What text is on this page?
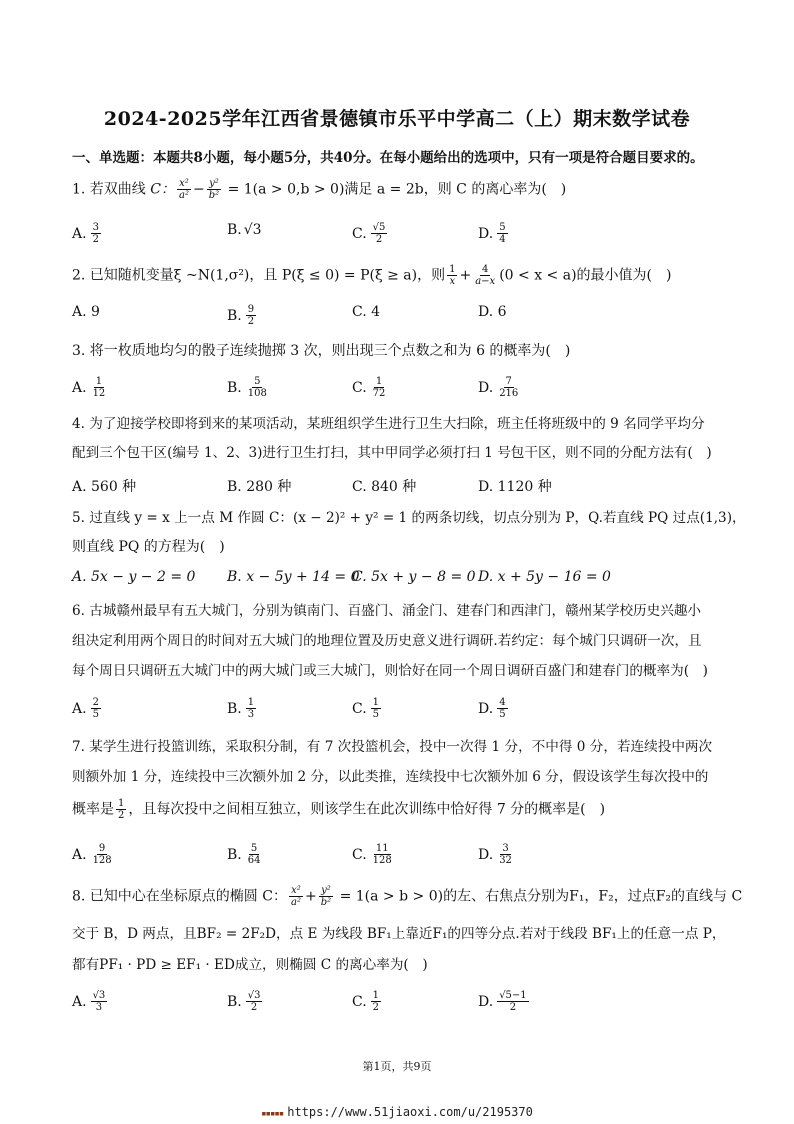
2024-2025学年江西省景德镇市乐平中学高二（上）期末数学试卷
一、单选题：本题共8小题，每小题5分，共40分。在每小题给出的选项中，只有一项是符合题目要求的。
1. 若双曲线 C： $\frac{\text{x²}}{\text{a²}} - \frac{\text{y²}}{\text{b²}} = 1(a > 0,b > 0)$满足 a = 2b，则 C 的离心率为(　)
A. $\frac{3}{2}$	B. √3	C. $\frac{√5}{2}$	D. $\frac{5}{4}$
2. 已知随机变量ξ ~N(1,σ²)，且 P(ξ ≤ 0) = P(ξ ≥ a)，则 $\frac{1}{x} + \frac{4}{a-x} (0 < x < a)$的最小值为(　)
A. 9	B. $\frac{9}{2}$	C. 4	D. 6
3. 将一枚质地均匀的骰子连续抛掷 3 次，则出现三个点数之和为 6 的概率为(　)
A. $\frac{1}{12}$	B. $\frac{5}{108}$	C. $\frac{1}{72}$	D. $\frac{7}{216}$
4. 为了迎接学校即将到来的某项活动，某班组织学生进行卫生大扫除，班主任将班级中的 9 名同学平均分
配到三个包干区(编号 1、2、3)进行卫生打扫，其中甲同学必须打扫 1 号包干区，则不同的分配方法有(　)
A. 560 种	B. 280 种	C. 840 种	D. 1120 种
5. 过直线 y = x 上一点 M 作圆 C：(x − 2)² + y² = 1 的两条切线，切点分别为 P，Q.若直线 PQ 过点(1,3)，
则直线 PQ 的方程为(　)
A. 5x − y − 2 = 0 B. x − 5y + 14 = 0
C. 5x + y − 8 = 0 D. x + 5y − 16 = 0
6. 古城赣州最早有五大城门，分别为镇南门、百盛门、涌金门、建春门和西津门，赣州某学校历史兴趣小
组决定利用两个周日的时间对五大城门的地理位置及历史意义进行调研.若约定：每个城门只调研一次，且
每个周日只调研五大城门中的两大城门或三大城门，则恰好在同一个周日调研百盛门和建春门的概率为(　)
A. $\frac{2}{5}$	B. $\frac{1}{3}$	C. $\frac{1}{5}$	D. $\frac{4}{5}$
7. 某学生进行投篮训练，采取积分制，有 7 次投篮机会，投中一次得 1 分，不中得 0 分，若连续投中两次
则额外加 1 分，连续投中三次额外加 2 分，以此类推，连续投中七次额外加 6 分，假设该学生每次投中的
概率是 $\frac{1}{2}$ ，且每次投中之间相互独立，则该学生在此次训练中恰好得 7 分的概率是(　)
A. $\frac{9}{128}$	B. $\frac{5}{64}$	C. $\frac{11}{128}$	D. $\frac{3}{32}$
8. 已知中心在坐标原点的椭圆 C： $\frac{\text{x²}}{\text{a²}} + \frac{\text{y²}}{\text{b²}} = 1(a > b > 0)$的左、右焦点分别为F₁，F₂，过点F₂的直线与 C
交于 B，D 两点，且BF₂ = 2F₂D，点 E 为线段 BF₁上靠近F₁的四等分点.若对于线段 BF₁上的任意一点 P，
都有PF₁ · PD ≥ EF₁ · ED成立，则椭圆 C 的离心率为(　)
A. $\frac{√3}{3}$	B. $\frac{√3}{2}$	C. $\frac{1}{2}$	D. $\frac{√5-1}{2}$
第1页，共9页
▪▪▪▪▪ https://www.51jiaoxi.com/u/2195370
